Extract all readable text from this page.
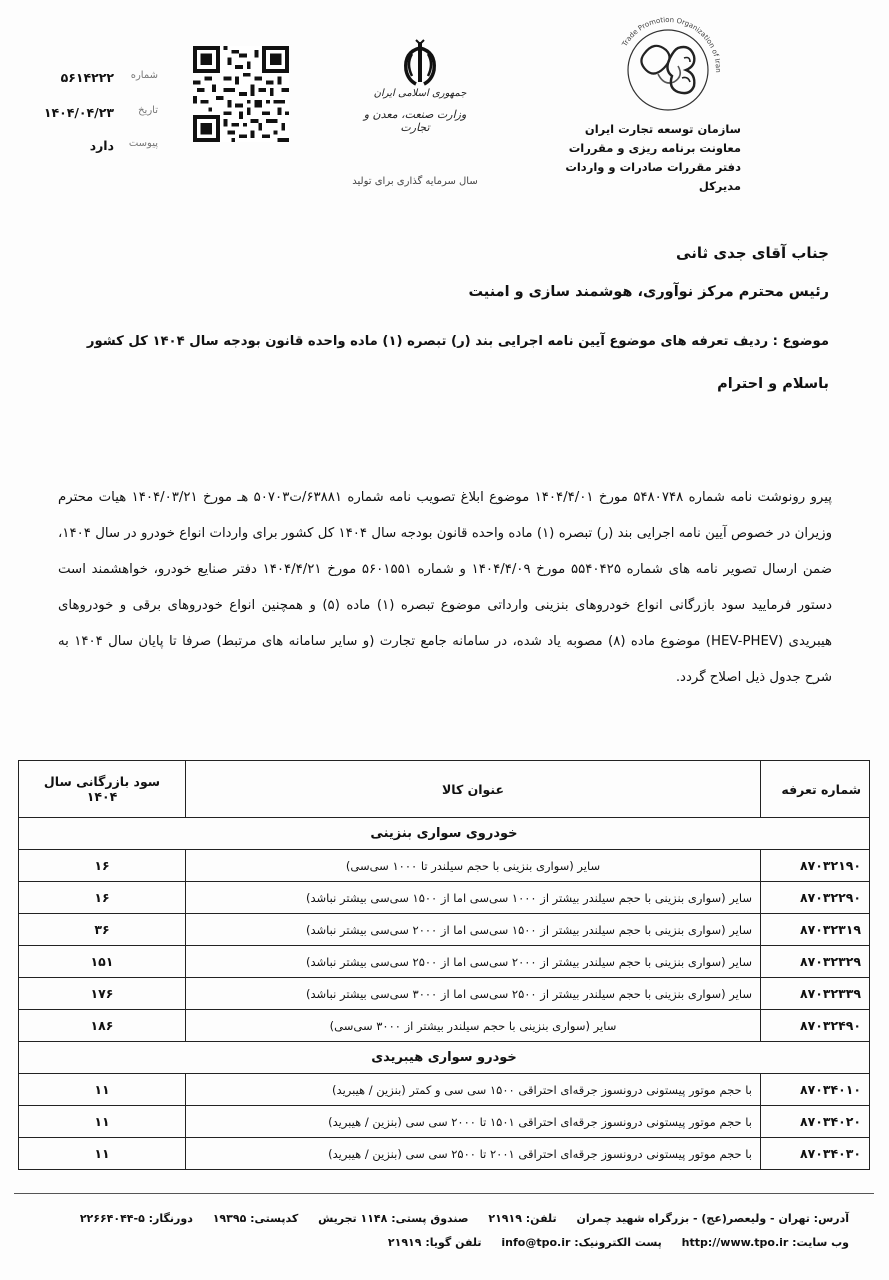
Trade Promotion Organization of Iran
سازمان توسعه تجارت ایران
معاونت برنامه ریزی و مقررات
دفتر مقررات صادرات و واردات
مدیرکل
جمهوری اسلامی ایران
وزارت صنعت، معدن و تجارت
سال سرمایه گذاری برای تولید
شماره
۵۶۱۴۲۲۲
تاریخ
۱۴۰۴/۰۴/۲۳
پیوست
دارد
جناب آقای جدی ثانی
رئیس محترم مرکز نوآوری، هوشمند سازی و امنیت
موضوع : ردیف تعرفه های موضوع آیین نامه اجرایی بند (ر) تبصره (۱) ماده واحده قانون بودجه سال ۱۴۰۴ کل کشور
باسلام و احترام
پیرو رونوشت نامه شماره ۵۴۸۰۷۴۸ مورخ ۱۴۰۴/۴/۰۱ موضوع ابلاغ تصویب نامه شماره ۶۳۸۸۱/ت۵۰۷۰۳ هـ مورخ ۱۴۰۴/۰۳/۲۱ هیات محترم وزیران در خصوص آیین نامه اجرایی بند (ر) تبصره (۱) ماده واحده قانون بودجه سال ۱۴۰۴ کل کشور برای واردات انواع خودرو در سال ۱۴۰۴، ضمن ارسال تصویر نامه های شماره ۵۵۴۰۴۲۵ مورخ ۱۴۰۴/۴/۰۹ و شماره ۵۶۰۱۵۵۱ مورخ ۱۴۰۴/۴/۲۱ دفتر صنایع خودرو، خواهشمند است دستور فرمایید سود بازرگانی انواع خودروهای بنزینی وارداتی موضوع تبصره (۱) ماده (۵) و همچنین انواع خودروهای برقی و خودروهای هیبریدی (HEV-PHEV) موضوع ماده (۸) مصوبه یاد شده، در سامانه جامع تجارت (و سایر سامانه های مرتبط) صرفا تا پایان سال ۱۴۰۴ به شرح جدول ذیل اصلاح گردد.
شماره تعرفه	عنوان کالا	سود بازرگانی سال ۱۴۰۴
خودروی سواری بنزینی		
۸۷۰۳۲۱۹۰	سایر (سواری بنزینی با حجم سیلندر تا ۱۰۰۰ سی‌سی)	۱۶
۸۷۰۳۲۲۹۰	سایر (سواری بنزینی با حجم سیلندر بیشتر از ۱۰۰۰ سی‌سی اما از ۱۵۰۰ سی‌سی بیشتر نباشد)	۱۶
۸۷۰۳۲۳۱۹	سایر (سواری بنزینی با حجم سیلندر بیشتر از ۱۵۰۰ سی‌سی اما از ۲۰۰۰ سی‌سی بیشتر نباشد)	۳۶
۸۷۰۳۲۳۲۹	سایر (سواری بنزینی با حجم سیلندر بیشتر از ۲۰۰۰ سی‌سی اما از ۲۵۰۰ سی‌سی بیشتر نباشد)	۱۵۱
۸۷۰۳۲۳۳۹	سایر (سواری بنزینی با حجم سیلندر بیشتر از ۲۵۰۰ سی‌سی اما از ۳۰۰۰ سی‌سی بیشتر نباشد)	۱۷۶
۸۷۰۳۲۴۹۰	سایر (سواری بنزینی با حجم سیلندر بیشتر از ۳۰۰۰ سی‌سی)	۱۸۶
خودرو سواری هیبریدی		
۸۷۰۳۴۰۱۰	با حجم موتور پیستونی درونسوز جرقه‌ای احتراقی ۱۵۰۰ سی سی و کمتر (بنزین / هیبرید)	۱۱
۸۷۰۳۴۰۲۰	با حجم موتور پیستونی درونسوز جرقه‌ای احتراقی ۱۵۰۱ تا ۲۰۰۰ سی سی (بنزین / هیبرید)	۱۱
۸۷۰۳۴۰۳۰	با حجم موتور پیستونی درونسوز جرقه‌ای احتراقی ۲۰۰۱ تا ۲۵۰۰ سی سی (بنزین / هیبرید)	۱۱
آدرس: تهران - ولیعصر(عج) - بزرگراه شهید چمران تلفن: ۲۱۹۱۹ صندوق پستی: ۱۱۴۸ تجریش کدپستی: ۱۹۳۹۵ دورنگار: ۵-۲۲۶۶۴۰۴۴
وب سایت: http://www.tpo.ir پست الکترونیک: info@tpo.ir تلفن گویا: ۲۱۹۱۹
